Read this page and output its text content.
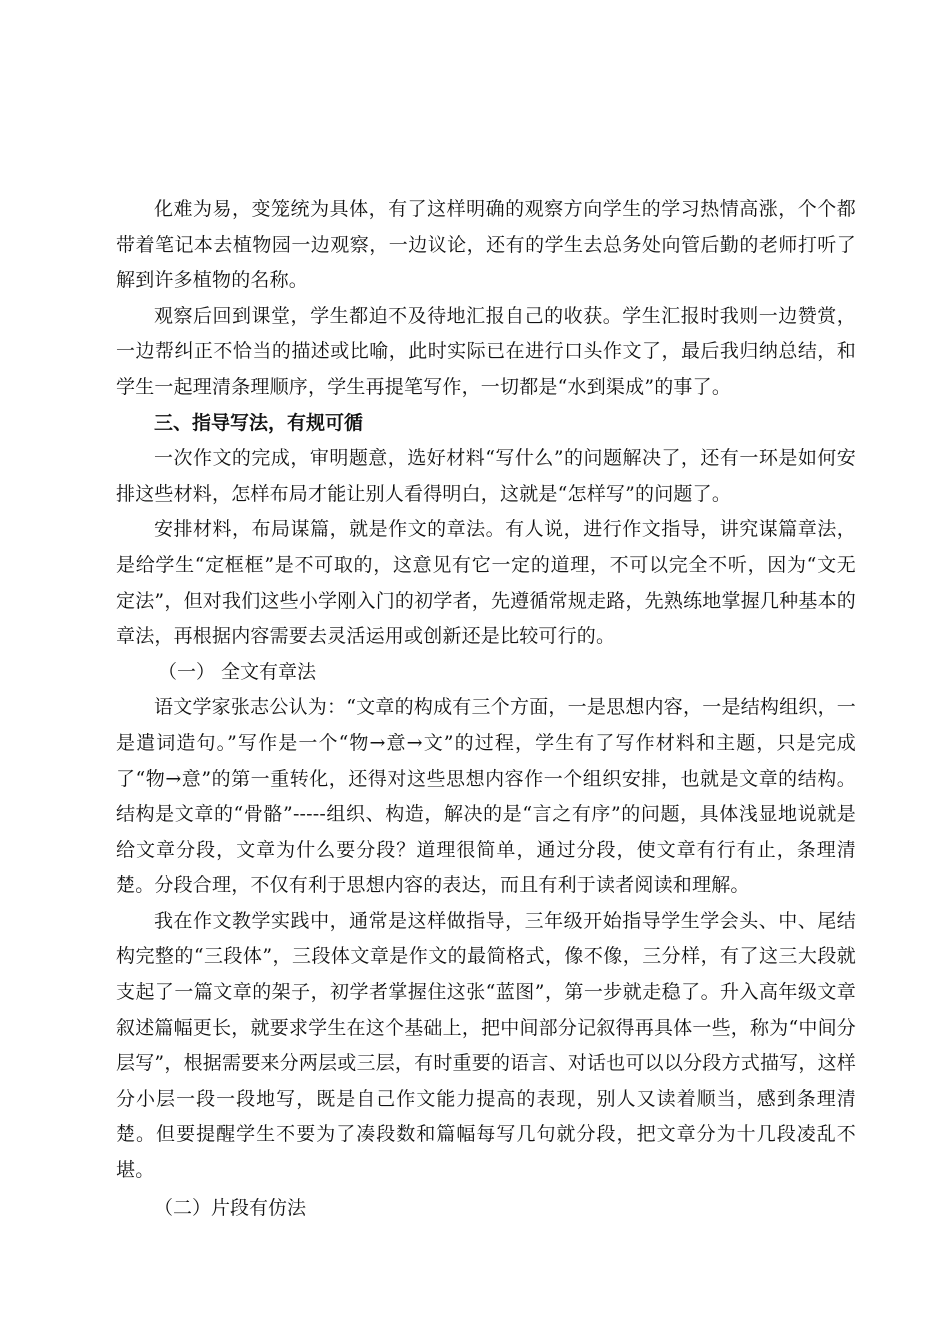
化难为易，变笼统为具体，有了这样明确的观察方向学生的学习热情高涨，个个都带着笔记本去植物园一边观察，一边议论，还有的学生去总务处向管后勤的老师打听了解到许多植物的名称。

观察后回到课堂，学生都迫不及待地汇报自己的收获。学生汇报时我则一边赞赏，一边帮纠正不恰当的描述或比喻，此时实际已在进行口头作文了，最后我归纳总结，和学生一起理清条理顺序，学生再提笔写作，一切都是“水到渠成”的事了。

三、指导写法，有规可循

一次作文的完成，审明题意，选好材料“写什么”的问题解决了，还有一环是如何安排这些材料，怎样布局才能让别人看得明白，这就是“怎样写”的问题了。

安排材料，布局谋篇，就是作文的章法。有人说，进行作文指导，讲究谋篇章法，是给学生“定框框”是不可取的，这意见有它一定的道理，不可以完全不听，因为“文无定法”，但对我们这些小学刚入门的初学者，先遵循常规走路，先熟练地掌握几种基本的章法，再根据内容需要去灵活运用或创新还是比较可行的。

（一） 全文有章法

语文学家张志公认为：“文章的构成有三个方面，一是思想内容，一是结构组织，一是遣词造句。”写作是一个“物→意→文”的过程，学生有了写作材料和主题，只是完成了“物→意”的第一重转化，还得对这些思想内容作一个组织安排，也就是文章的结构。结构是文章的“骨骼”-----组织、构造，解决的是“言之有序”的问题，具体浅显地说就是给文章分段，文章为什么要分段？道理很简单，通过分段，使文章有行有止，条理清楚。分段合理，不仅有利于思想内容的表达，而且有利于读者阅读和理解。

我在作文教学实践中，通常是这样做指导，三年级开始指导学生学会头、中、尾结构完整的“三段体”，三段体文章是作文的最简格式，像不像，三分样，有了这三大段就支起了一篇文章的架子，初学者掌握住这张“蓝图”，第一步就走稳了。升入高年级文章叙述篇幅更长，就要求学生在这个基础上，把中间部分记叙得再具体一些，称为“中间分层写”，根据需要来分两层或三层，有时重要的语言、对话也可以以分段方式描写，这样分小层一段一段地写，既是自己作文能力提高的表现，别人又读着顺当，感到条理清楚。但要提醒学生不要为了凑段数和篇幅每写几句就分段，把文章分为十几段凌乱不堪。

（二）片段有仿法
